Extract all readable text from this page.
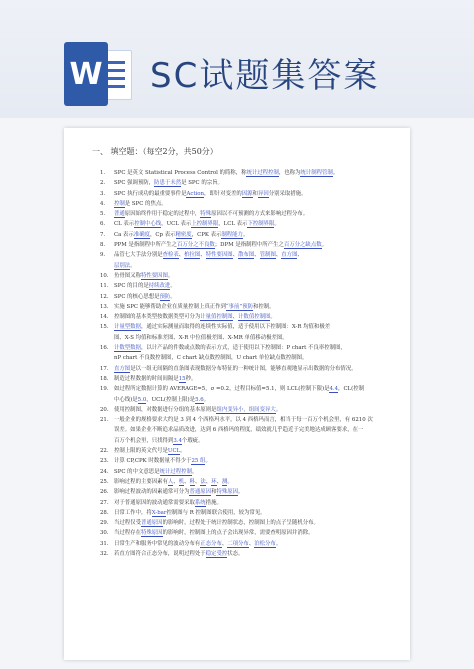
W SC试题集答案
一、 填空题：（每空2分，共50分）
1. SPC 是英文 Statistical Process Control 的简称，称统计过程控制，也称为统计制程管制。
2. SPC 强调预防，防患于未然是 SPC 的宗旨。
3. SPC 执行成功的最重要事件是Action，即针对变差的因源和异因分别采取措施。
4. 控制是 SPC 的焦点。
5. 普通原因始终作用于稳定的过程中，特殊原因以不可预测的方式来影响过程分布。
6. CL 表示控制中心线，UCL 表示上控制界限，LCL 表示下控制界限。
7. Ca 表示准确度，Cp 表示精密度，CPK 表示制程能力。
8. PPM 是指制程中所产生之百万分之不良数；DPM 是指制程中所产生之百万分之缺点数。
9. 品管七大手法分别是查检表、柏拉图、特性要因图、散布图、管制图、直方图、
层别法。
10. 鱼骨图又称特性要因图。
11. SPC 的目的是持续改进。
12. SPC 的核心思想是预防。
13. 实施 SPC 能够帮助企业在质量控制上真正作到“事前”预防和控制。
14. 控制图的基本类型按数据类型可分为计量值控制图、计数值控制图。
15. 计量型数据，通过实际测量而取得的连续性实际值，适于使用以下控制图：X-R 均值和极差
图、X-S 均值和标准差图、X-R 中位值极差图、X-MR 单值移动极差图。
16. 计数型数据，以计产品的件数或点数的表示方式，适于使用以下控制图：P chart 不良率控制图，
nP chart 不良数控制图，C chart 缺点数控制图，U chart 单位缺点数控制图。
17. 直方图是以一组无间隔的直条图表现数据分布特征的一种统计图，能够直观地显示出数据的分布情况。
18. 制造过程数据的时间间隔是15秒。
19. 如过程所定数据计算的 AVERAGE=5，σ =0.2，过程目标值=5.1，则 LCL(控制下限)是4.4，CL(控制
中心线)是5.0，UCL(控制上限)是5.6。
20. 使用控制图，对数据进行分组的基本原则是组内变异小，组间变异大。
21. 一般企业的规格要求大约是 3 到 4 个西格玛水平，以 4 西格玛而言，相当于每一百万个机会里，有 6210 次
误差。如果企业不断追求品质改进，达到 6 西格玛的程度，绩效就几乎趋近于完美地达成顾客要求，在一
百万个机会里，只找得到3.4个瑕疵。
22. 控制上限的英文代号是UCL。
23. 计算 CP,CPK 时数据量不得少于25 组。
24. SPC 的中文意思是统计过程控制。
25. 影响过程的主要因素有人、机、料、法、环、测。
26. 影响过程波动的因素通常可分为普通原因和特殊原因。
27. 对于普通原因的波动通常需要采取系统措施。
28. 日常工作中，将X-bar控制图与 R 控制图联合使用，较为常见。
29. 当过程仅受普通原因的影响时，过程处于统计控制状态，控制图上的点子呈随机分布。
30. 当过程存在特殊原因的影响时，控制图上的点子会出现异常，需要查明原因并消除。
31. 日常生产和服务中常见的波动分布有正态分布、二项分布、泊松分布。
32. 若直方图符合正态分布，说明过程处于稳定受控状态。
